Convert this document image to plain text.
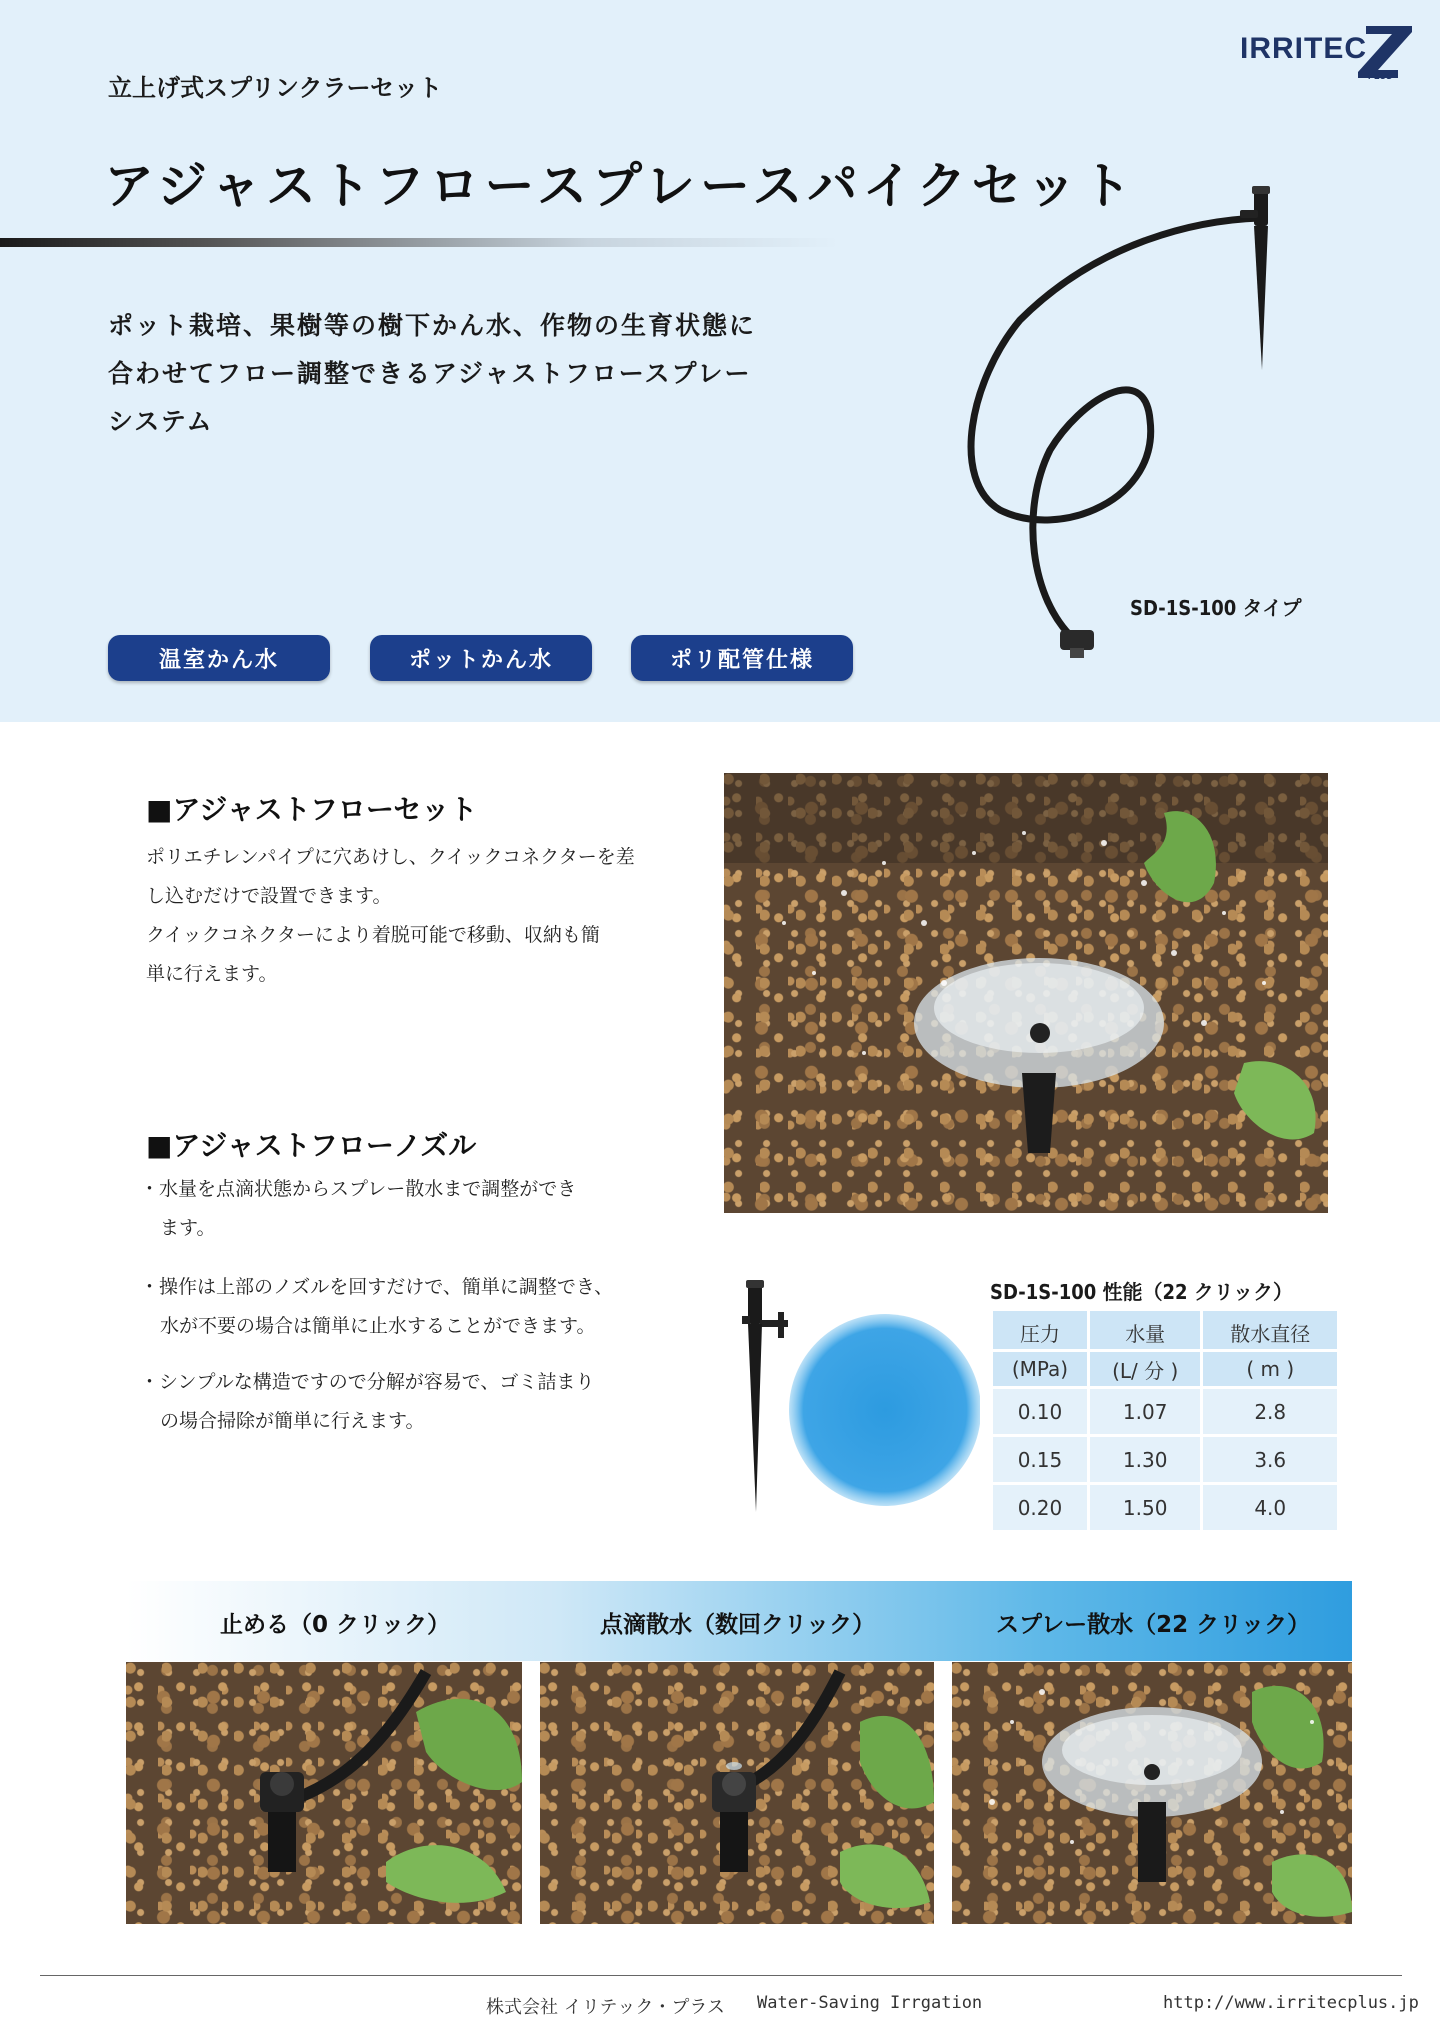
IRRITEC
PLUS
立上げ式スプリンクラーセット
アジャストフロースプレースパイクセット
ポット栽培、果樹等の樹下かん水、作物の生育状態に
合わせてフロー調整できるアジャストフロースプレー
システム
SD-1S-100 タイプ
温室かん水	ポットかん水	ポリ配管仕様
■アジャストフローセット
ポリエチレンパイプに穴あけし、クイックコネクターを差
し込むだけで設置できます。
クイックコネクターにより着脱可能で移動、収納も簡
単に行えます。
■アジャストフローノズル
・水量を点滴状態からスプレー散水まで調整ができ
ます。
・操作は上部のノズルを回すだけで、簡単に調整でき、
水が不要の場合は簡単に止水することができます。
・シンプルな構造ですので分解が容易で、ゴミ詰まり
の場合掃除が簡単に行えます。
SD-1S-100 性能（22 クリック）
圧力	水量	散水直径
(MPa)	(L/ 分 )	( m )
0.10	1.07	2.8
0.15	1.30	3.6
0.20	1.50	4.0
止める（0 クリック）	点滴散水（数回クリック）	スプレー散水（22 クリック）
株式会社 イリテック・プラス Water-Saving Irrgation	http://www.irritecplus.jp
